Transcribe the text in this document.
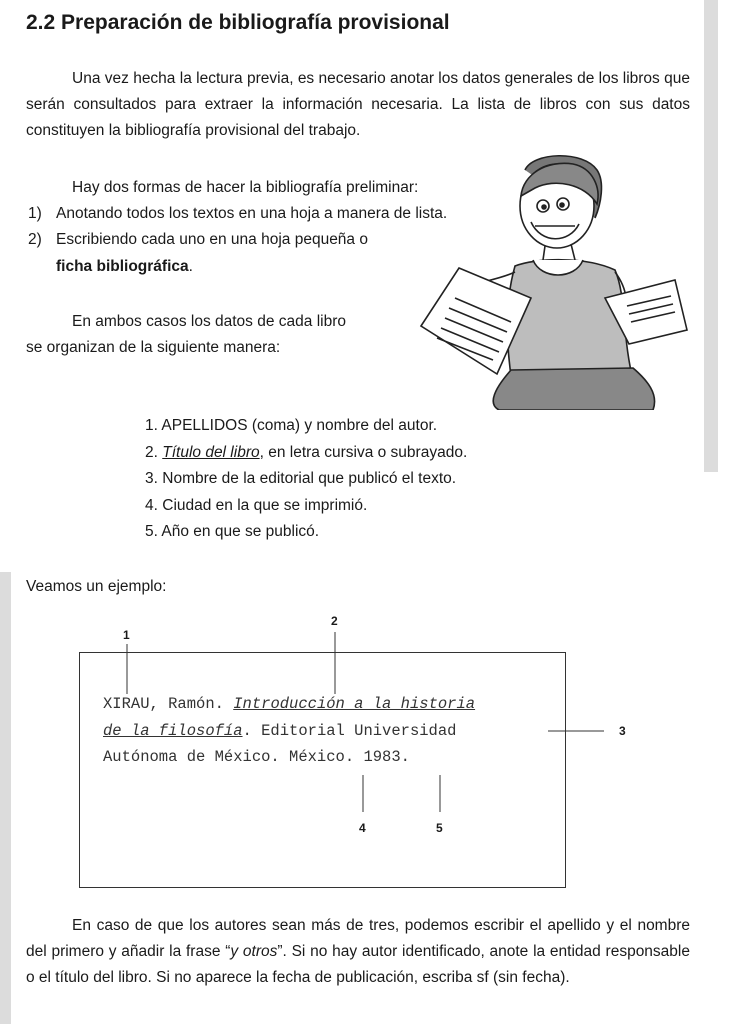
2.2 Preparación de bibliografía provisional
Una vez hecha la lectura previa, es necesario anotar los datos generales de los libros que serán consultados para extraer la información necesaria. La lista de libros con sus datos constituyen la bibliografía provisional del trabajo.
Hay dos formas de hacer la bibliografía preliminar:
1) Anotando todos los textos en una hoja a manera de lista.
2) Escribiendo cada uno en una hoja pequeña o
ficha bibliográfica.
En ambos casos los datos de cada libro
se organizan de la siguiente manera:
1. APELLIDOS (coma) y nombre del autor.
2. Título del libro, en letra cursiva o subrayado.
3. Nombre de la editorial que publicó el texto.
4. Ciudad en la que se imprimió.
5. Año en que se publicó.
Veamos un ejemplo:
XIRAU, Ramón. Introducción a la historia
de la filosofía. Editorial Universidad
Autónoma de México. México. 1983.
1
2
3
4	5
En caso de que los autores sean más de tres, podemos escribir el apellido y el nombre del primero y añadir la frase “y otros”. Si no hay autor identificado, anote la entidad responsable o el título del libro. Si no aparece la fecha de publicación, escriba sf (sin fecha).
